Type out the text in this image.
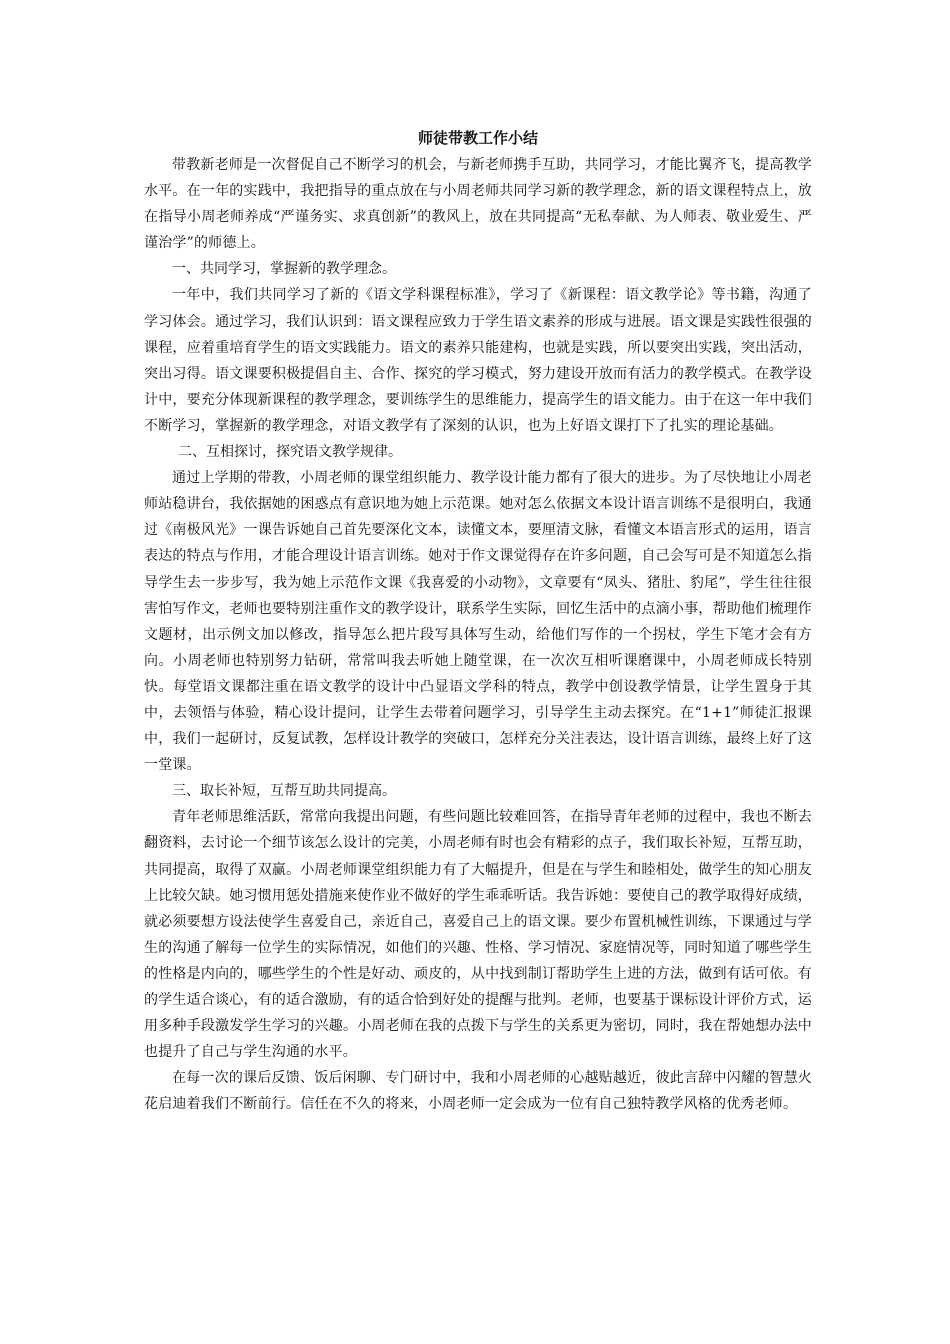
师徒带教工作小结

带教新老师是一次督促自己不断学习的机会，与新老师携手互助，共同学习，才能比翼齐飞，提高教学水平。在一年的实践中，我把指导的重点放在与小周老师共同学习新的教学理念，新的语文课程特点上，放在指导小周老师养成“严谨务实、求真创新”的教风上，放在共同提高“无私奉献、为人师表、敬业爱生、严谨治学”的师德上。

一、共同学习，掌握新的教学理念。

一年中，我们共同学习了新的《语文学科课程标准》，学习了《新课程：语文教学论》等书籍，沟通了学习体会。通过学习，我们认识到：语文课程应致力于学生语文素养的形成与进展。语文课是实践性很强的课程，应着重培育学生的语文实践能力。语文的素养只能建构，也就是实践，所以要突出实践，突出活动，突出习得。语文课要积极提倡自主、合作、探究的学习模式，努力建设开放而有活力的教学模式。在教学设计中，要充分体现新课程的教学理念，要训练学生的思维能力，提高学生的语文能力。由于在这一年中我们不断学习，掌握新的教学理念，对语文教学有了深刻的认识，也为上好语文课打下了扎实的理论基础。

二、互相探讨，探究语文教学规律。

通过上学期的带教，小周老师的课堂组织能力、教学设计能力都有了很大的进步。为了尽快地让小周老师站稳讲台，我依据她的困惑点有意识地为她上示范课。她对怎么依据文本设计语言训练不是很明白，我通过《南极风光》一课告诉她自己首先要深化文本，读懂文本，要厘清文脉，看懂文本语言形式的运用，语言表达的特点与作用，才能合理设计语言训练。她对于作文课觉得存在许多问题，自己会写可是不知道怎么指导学生去一步步写，我为她上示范作文课《我喜爱的小动物》，文章要有“凤头、猪肚、豹尾”，学生往往很害怕写作文，老师也要特别注重作文的教学设计，联系学生实际，回忆生活中的点滴小事，帮助他们梳理作文题材，出示例文加以修改，指导怎么把片段写具体写生动，给他们写作的一个拐杖，学生下笔才会有方向。小周老师也特别努力钻研，常常叫我去听她上随堂课，在一次次互相听课磨课中，小周老师成长特别快。每堂语文课都注重在语文教学的设计中凸显语文学科的特点，教学中创设教学情景，让学生置身于其中，去领悟与体验，精心设计提问，让学生去带着问题学习，引导学生主动去探究。在“1+1”师徒汇报课中，我们一起研讨，反复试教，怎样设计教学的突破口，怎样充分关注表达，设计语言训练，最终上好了这一堂课。

三、取长补短，互帮互助共同提高。

青年老师思维活跃，常常向我提出问题，有些问题比较难回答，在指导青年老师的过程中，我也不断去翻资料，去讨论一个细节该怎么设计的完美，小周老师有时也会有精彩的点子，我们取长补短，互帮互助，共同提高，取得了双赢。小周老师课堂组织能力有了大幅提升，但是在与学生和睦相处，做学生的知心朋友上比较欠缺。她习惯用惩处措施来使作业不做好的学生乖乖听话。我告诉她：要使自己的教学取得好成绩，就必须要想方设法使学生喜爱自己，亲近自己，喜爱自己上的语文课。要少布置机械性训练，下课通过与学生的沟通了解每一位学生的实际情况，如他们的兴趣、性格、学习情况、家庭情况等，同时知道了哪些学生的性格是内向的，哪些学生的个性是好动、顽皮的，从中找到制订帮助学生上进的方法，做到有话可依。有的学生适合谈心，有的适合激励，有的适合恰到好处的提醒与批判。老师，也要基于课标设计评价方式，运用多种手段激发学生学习的兴趣。小周老师在我的点拨下与学生的关系更为密切，同时，我在帮她想办法中也提升了自己与学生沟通的水平。

在每一次的课后反馈、饭后闲聊、专门研讨中，我和小周老师的心越贴越近，彼此言辞中闪耀的智慧火花启迪着我们不断前行。信任在不久的将来，小周老师一定会成为一位有自己独特教学风格的优秀老师。
